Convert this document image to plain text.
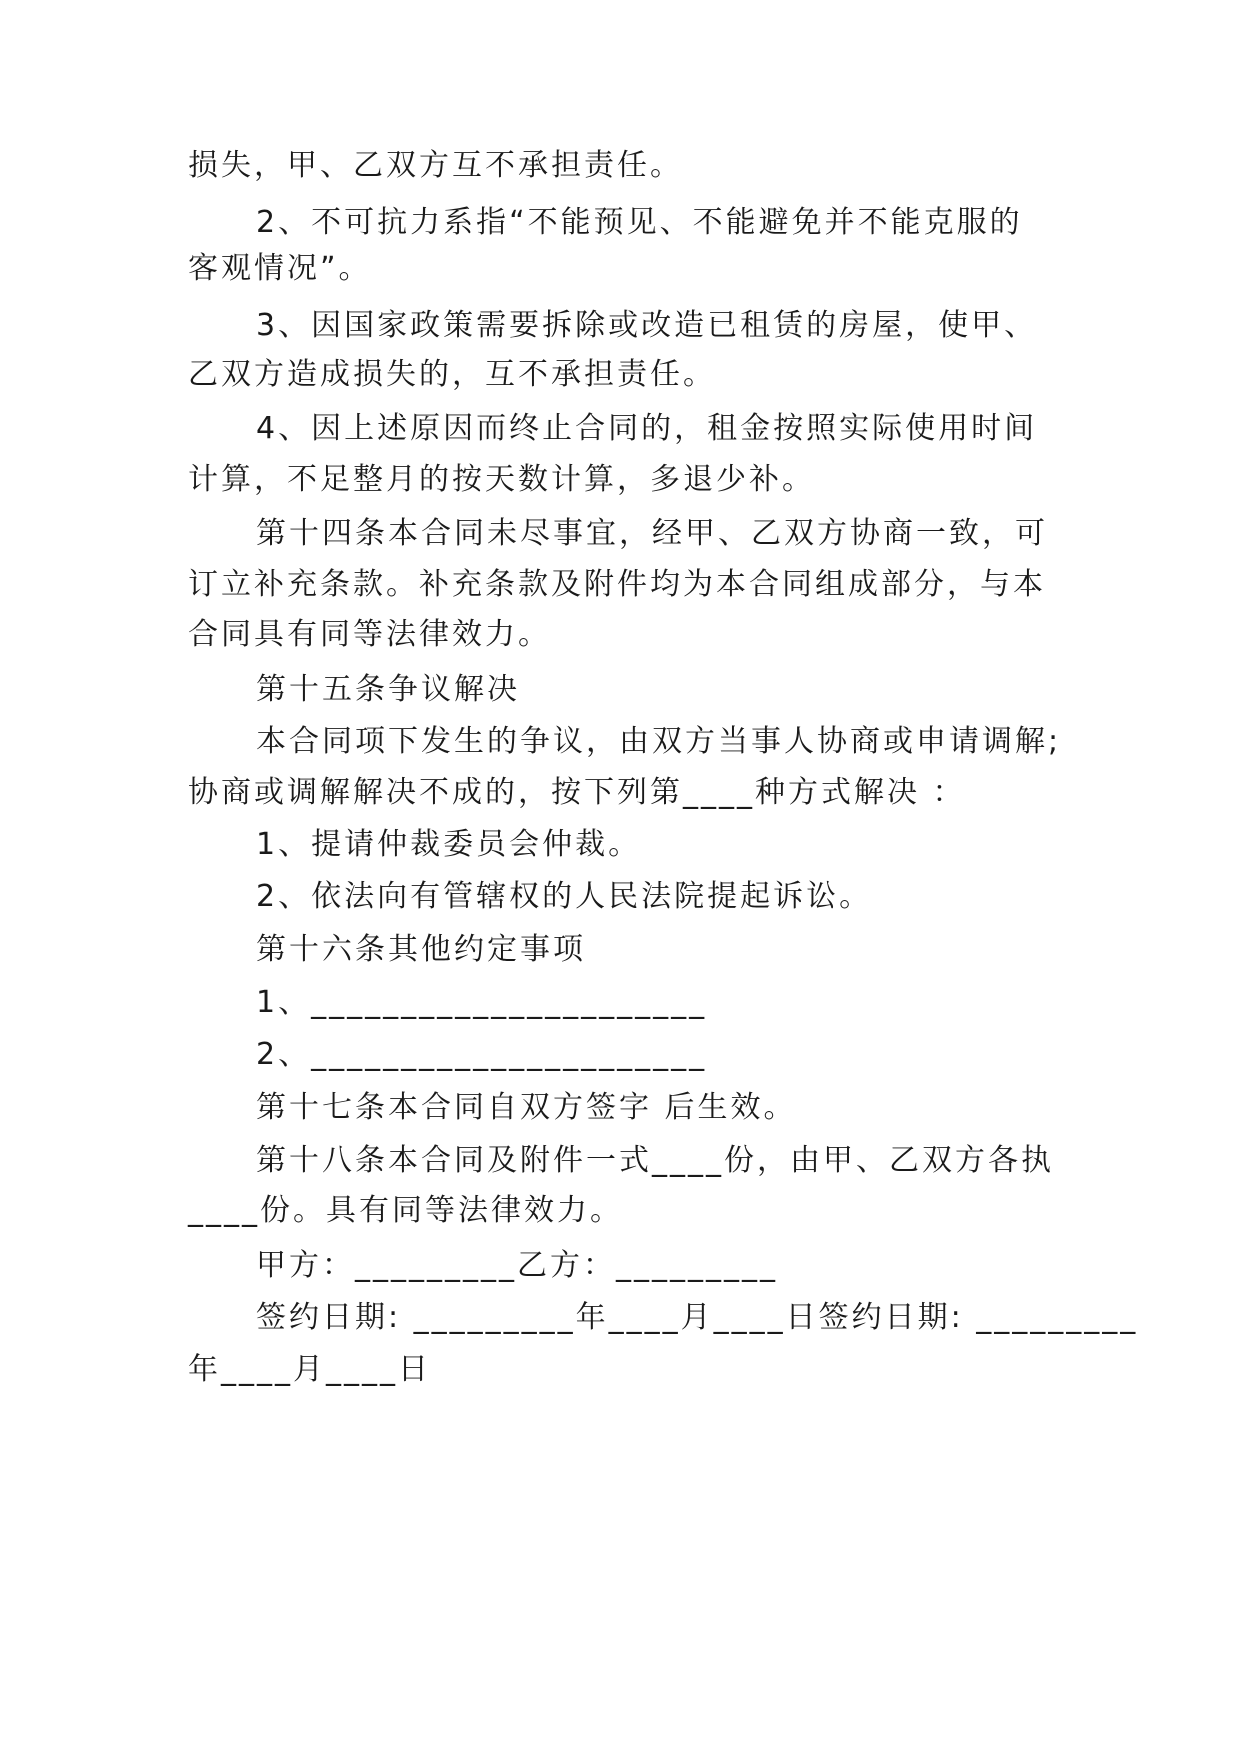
损失，甲、乙双方互不承担责任。
2、不可抗力系指“不能预见、不能避免并不能克服的
客观情况”。
3、因国家政策需要拆除或改造已租赁的房屋，使甲、
乙双方造成损失的，互不承担责任。
4、因上述原因而终止合同的，租金按照实际使用时间
计算，不足整月的按天数计算，多退少补。
第十四条本合同未尽事宜，经甲、乙双方协商一致，可
订立补充条款。补充条款及附件均为本合同组成部分，与本
合同具有同等法律效力。
第十五条争议解决
本合同项下发生的争议，由双方当事人协商或申请调解;
协商或调解解决不成的，按下列第____种方式解决 ：
1、提请仲裁委员会仲裁。
2、依法向有管辖权的人民法院提起诉讼。
第十六条其他约定事项
1、______________________
2、______________________
第十七条本合同自双方签字 后生效。
第十八条本合同及附件一式____份，由甲、乙双方各执
____份。具有同等法律效力。
甲方：_________乙方：_________
签约日期: _________年____月____日签约日期: _________
年____月____日
